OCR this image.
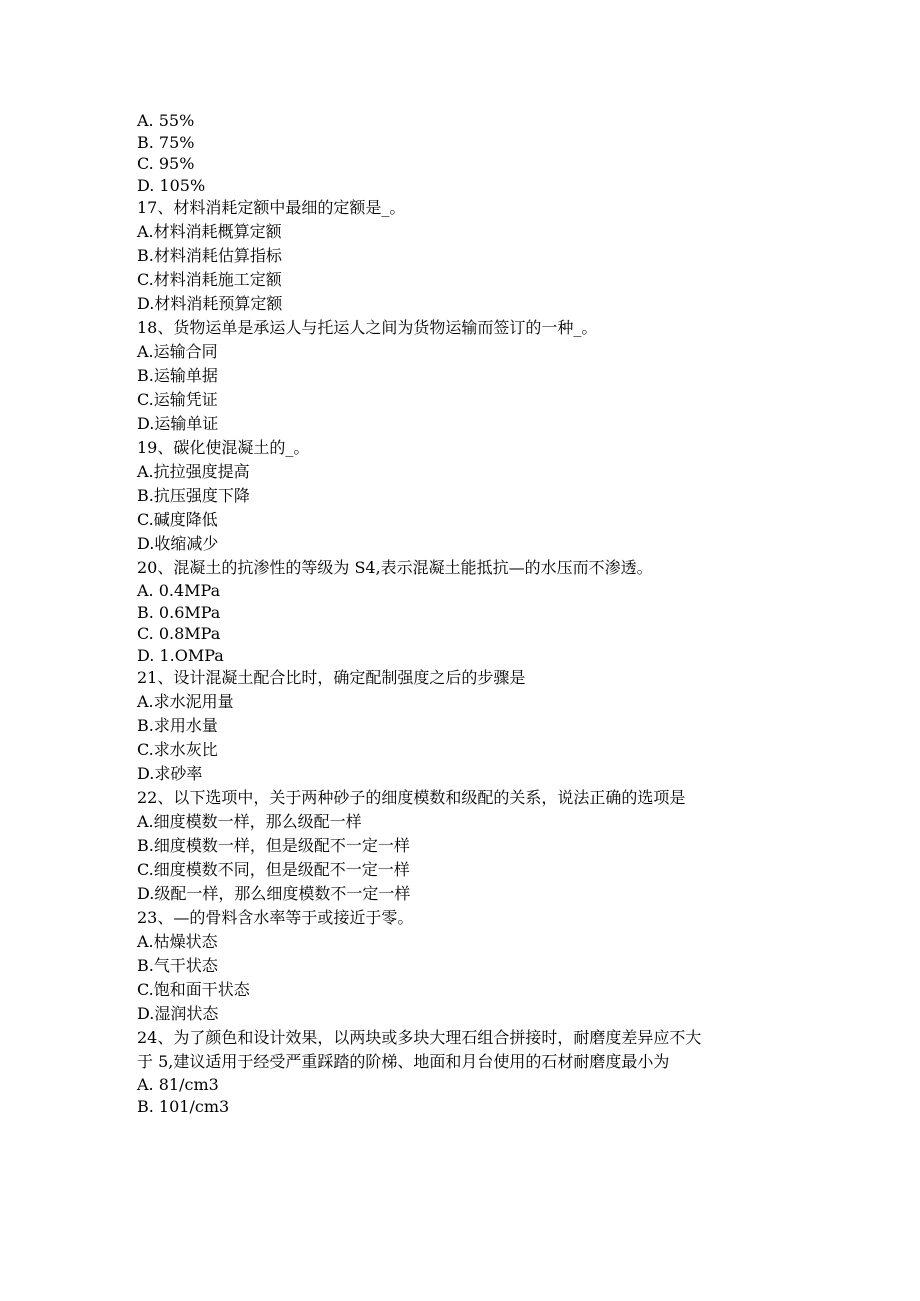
A. 55%
B. 75%
C. 95%
D. 105%
17、材料消耗定额中最细的定额是_。
A.材料消耗概算定额
B.材料消耗估算指标
C.材料消耗施工定额
D.材料消耗预算定额
18、货物运单是承运人与托运人之间为货物运输而签订的一种_。
A.运输合同
B.运输单据
C.运输凭证
D.运输单证
19、碳化使混凝土的_。
A.抗拉强度提高
B.抗压强度下降
C.碱度降低
D.收缩减少
20、混凝土的抗渗性的等级为 S4,表示混凝土能抵抗—的水压而不渗透。
A. 0.4MPa
B. 0.6MPa
C. 0.8MPa
D. 1.OMPa
21、设计混凝土配合比时，确定配制强度之后的步骤是
A.求水泥用量
B.求用水量
C.求水灰比
D.求砂率
22、以下选项中，关于两种砂子的细度模数和级配的关系，说法正确的选项是
A.细度模数一样，那么级配一样
B.细度模数一样，但是级配不一定一样
C.细度模数不同，但是级配不一定一样
D.级配一样，那么细度模数不一定一样
23、—的骨料含水率等于或接近于零。
A.枯燥状态
B.气干状态
C.饱和面干状态
D.湿润状态
24、为了颜色和设计效果，以两块或多块大理石组合拼接时，耐磨度差异应不大
于 5,建议适用于经受严重踩踏的阶梯、地面和月台使用的石材耐磨度最小为
A. 81/cm3
B. 101/cm3
